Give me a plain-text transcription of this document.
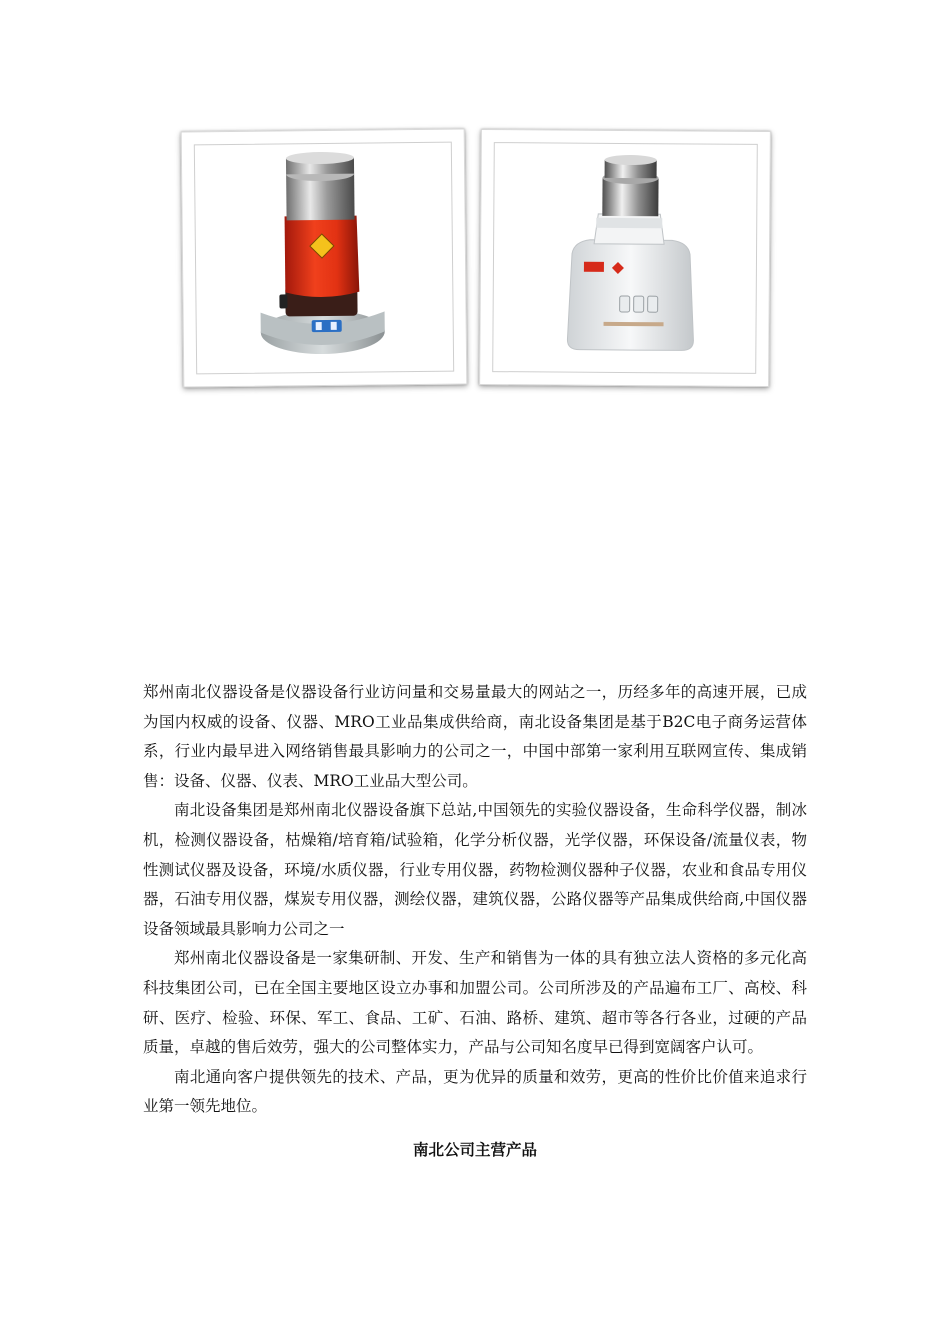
郑州南北仪器设备是仪器设备行业访问量和交易量最大的网站之一，历经多年的高速开展，已成为国内权威的设备、仪器、MRO工业品集成供给商，南北设备集团是基于B2C电子商务运营体系，行业内最早进入网络销售最具影响力的公司之一，中国中部第一家利用互联网宣传、集成销售：设备、仪器、仪表、MRO工业品大型公司。

南北设备集团是郑州南北仪器设备旗下总站,中国领先的实验仪器设备，生命科学仪器，制冰机，检测仪器设备，枯燥箱/培育箱/试验箱，化学分析仪器，光学仪器，环保设备/流量仪表，物性测试仪器及设备，环境/水质仪器，行业专用仪器，药物检测仪器种子仪器，农业和食品专用仪器，石油专用仪器，煤炭专用仪器，测绘仪器，建筑仪器，公路仪器等产品集成供给商,中国仪器设备领域最具影响力公司之一

郑州南北仪器设备是一家集研制、开发、生产和销售为一体的具有独立法人资格的多元化高科技集团公司，已在全国主要地区设立办事和加盟公司。公司所涉及的产品遍布工厂、高校、科研、医疗、检验、环保、军工、食品、工矿、石油、路桥、建筑、超市等各行各业，过硬的产品质量，卓越的售后效劳，强大的公司整体实力，产品与公司知名度早已得到宽阔客户认可。

南北通向客户提供领先的技术、产品，更为优异的质量和效劳，更高的性价比价值来追求行业第一领先地位。

南北公司主营产品
